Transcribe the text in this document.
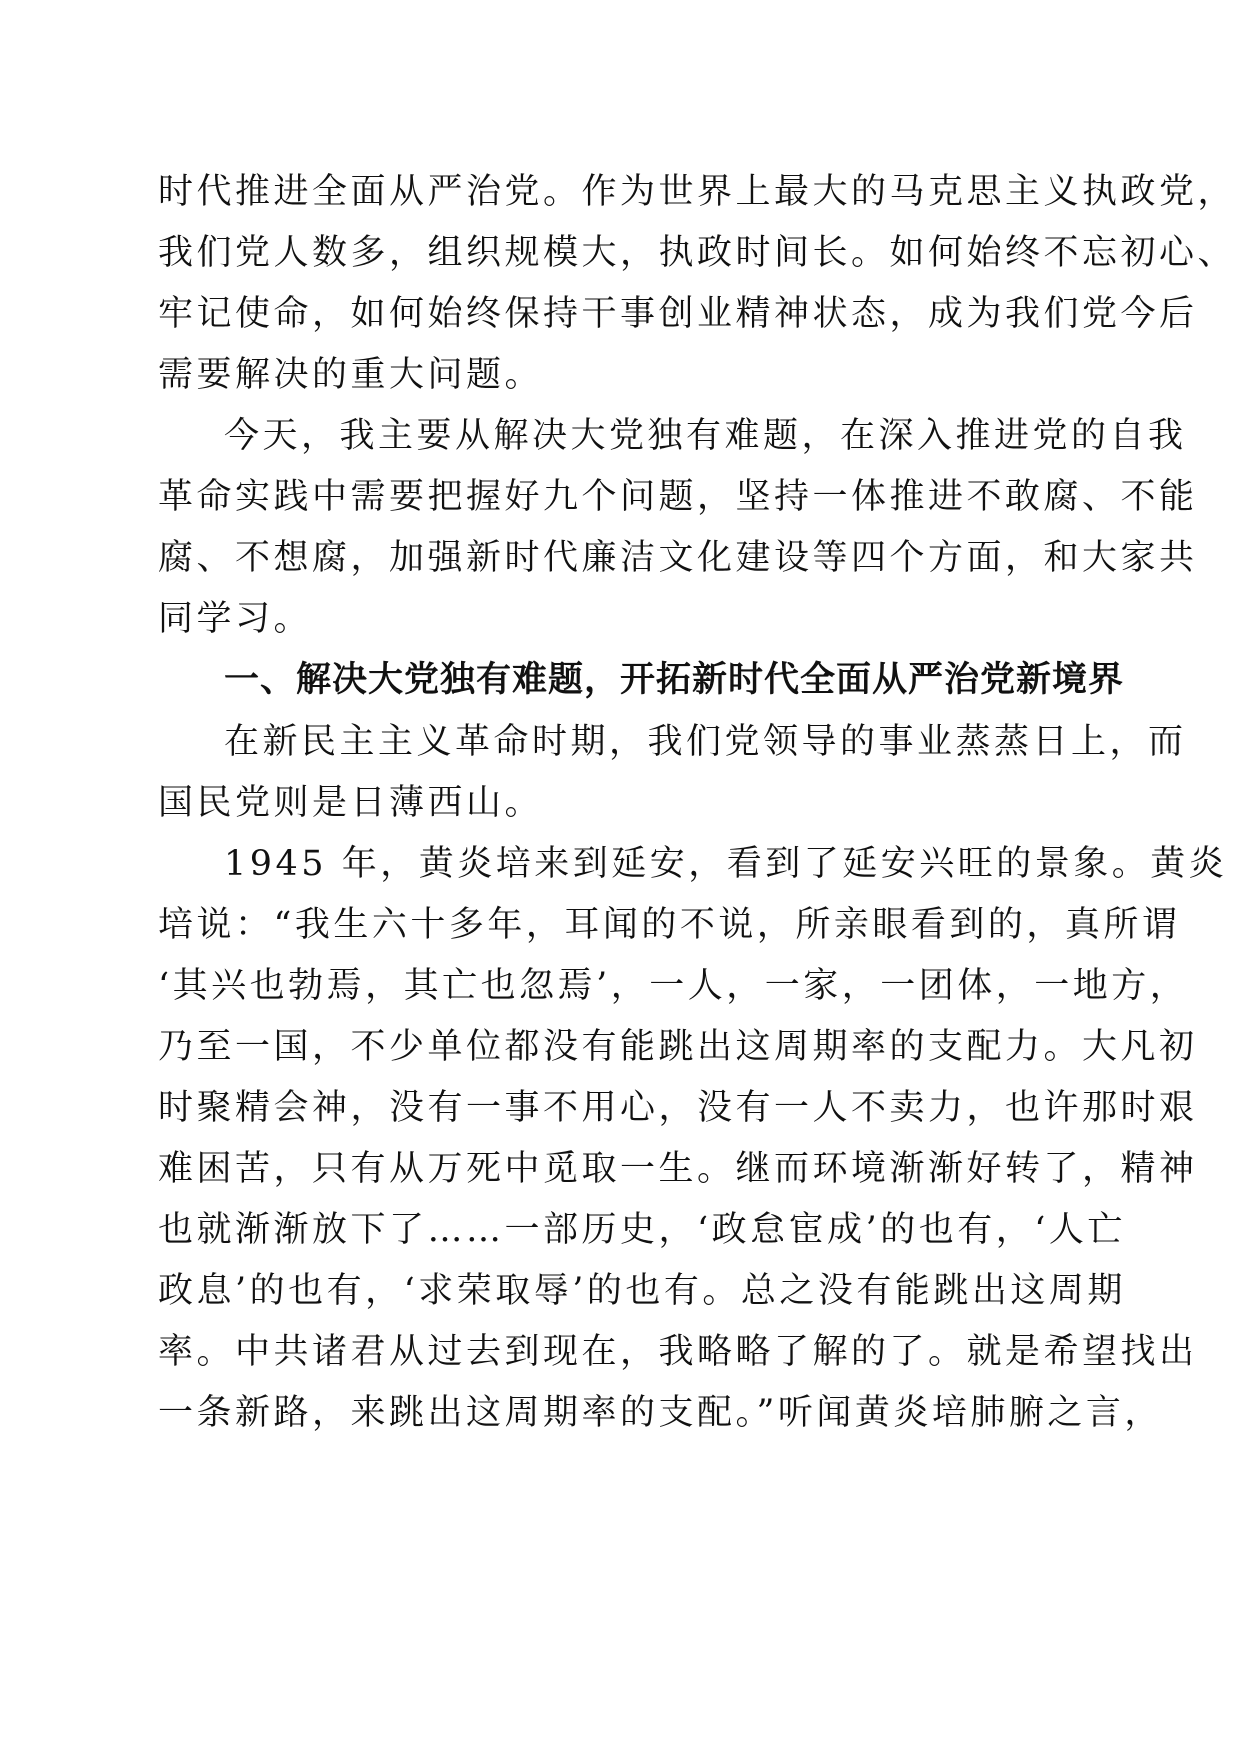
时代推进全面从严治党。作为世界上最大的马克思主义执政党，

我们党人数多，组织规模大，执政时间长。如何始终不忘初心、

牢记使命，如何始终保持干事创业精神状态，成为我们党今后

需要解决的重大问题。

今天，我主要从解决大党独有难题，在深入推进党的自我

革命实践中需要把握好九个问题，坚持一体推进不敢腐、不能

腐、不想腐，加强新时代廉洁文化建设等四个方面，和大家共

同学习。

一、解决大党独有难题，开拓新时代全面从严治党新境界

在新民主主义革命时期，我们党领导的事业蒸蒸日上，而

国民党则是日薄西山。

1945 年，黄炎培来到延安，看到了延安兴旺的景象。黄炎

培说：“我生六十多年，耳闻的不说，所亲眼看到的，真所谓

‘其兴也勃焉，其亡也忽焉’，一人，一家，一团体，一地方，

乃至一国，不少单位都没有能跳出这周期率的支配力。大凡初

时聚精会神，没有一事不用心，没有一人不卖力，也许那时艰

难困苦，只有从万死中觅取一生。继而环境渐渐好转了，精神

也就渐渐放下了……一部历史，‘政怠宦成’的也有，‘人亡

政息’的也有，‘求荣取辱’的也有。总之没有能跳出这周期

率。中共诸君从过去到现在，我略略了解的了。就是希望找出

一条新路，来跳出这周期率的支配。”听闻黄炎培肺腑之言，
